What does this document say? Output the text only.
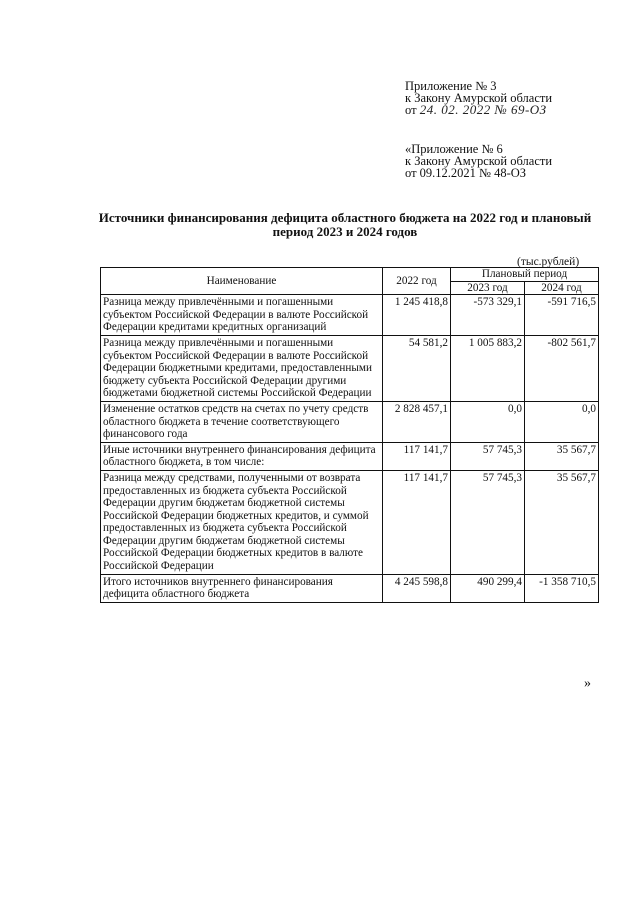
Приложение № 3
к Закону Амурской области
от 24. 02. 2022 № 69-ОЗ
«Приложение № 6
к Закону Амурской области
от 09.12.2021 № 48-ОЗ
Источники финансирования дефицита областного бюджета на 2022 год и плановый период 2023 и 2024 годов
(тыс.рублей)
Наименование	2022 год	Плановый период	
		2023 год	2024 год
Разница между привлечёнными и погашенными субъектом Российской Федерации в валюте Российской Федерации кредитами кредитных организаций	1 245 418,8	-573 329,1	-591 716,5
Разница между привлечёнными и погашенными субъектом Российской Федерации в валюте Российской Федерации бюджетными кредитами, предоставленными бюджету субъекта Российской Федерации другими бюджетами бюджетной системы Российской Федерации	54 581,2	1 005 883,2	-802 561,7
Изменение остатков средств на счетах по учету средств областного бюджета в течение соответствующего финансового года	2 828 457,1	0,0	0,0
Иные источники внутреннего финансирования дефицита областного бюджета, в том числе:	117 141,7	57 745,3	35 567,7
Разница между средствами, полученными от возврата предоставленных из бюджета субъекта Российской Федерации другим бюджетам бюджетной системы Российской Федерации бюджетных кредитов, и суммой предоставленных из бюджета субъекта Российской Федерации другим бюджетам бюджетной системы Российской Федерации бюджетных кредитов в валюте Российской Федерации	117 141,7	57 745,3	35 567,7
Итого источников внутреннего финансирования дефицита областного бюджета	4 245 598,8	490 299,4	-1 358 710,5
»
